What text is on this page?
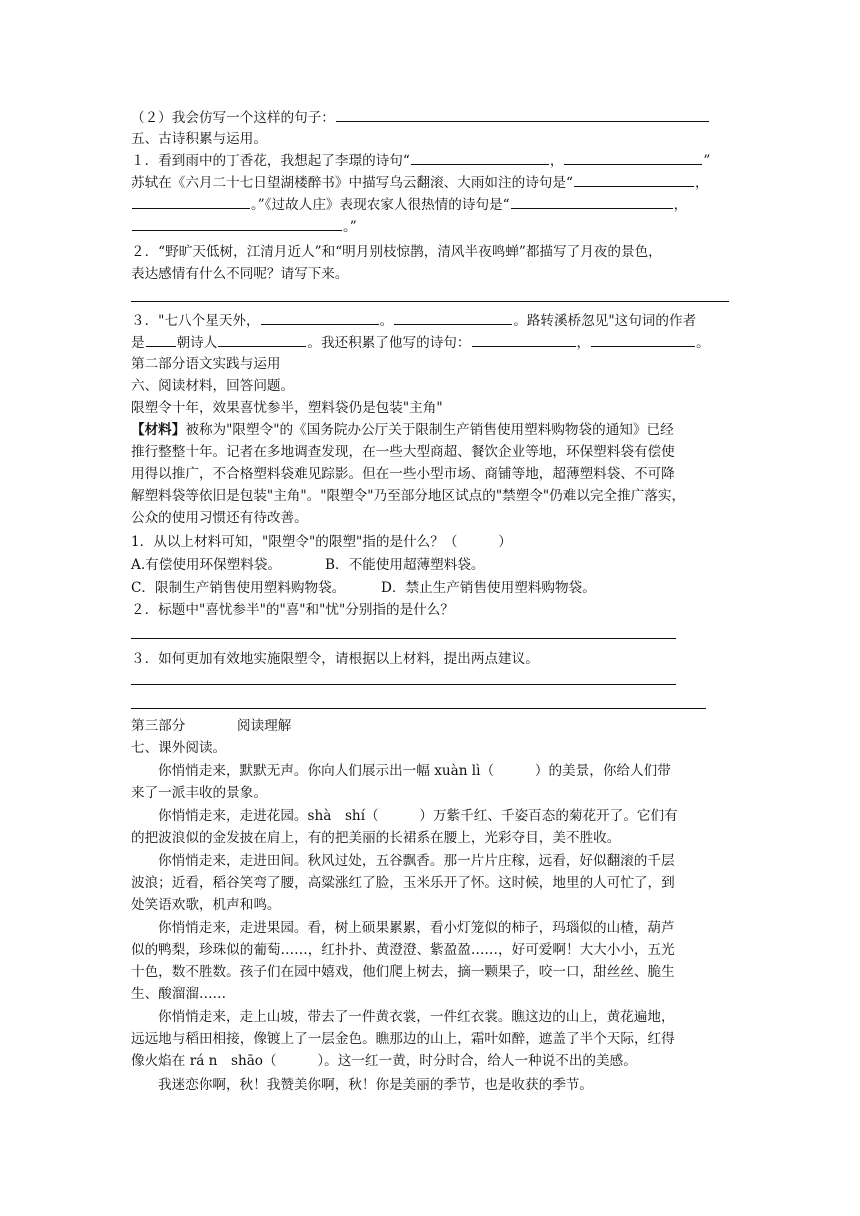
（２）我会仿写一个这样的句子：
五、古诗积累与运用。
１．看到雨中的丁香花，我想起了李璟的诗句“	，	”
苏轼在《六月二十七日望湖楼醉书》中描写乌云翻滚、大雨如注的诗句是“	，
。”《过故人庄》表现农家人很热情的诗句是“	，
。”
２．“野旷天低树，江清月近人”和“明月别枝惊鹊，清风半夜鸣蝉”都描写了月夜的景色，
表达感情有什么不同呢？请写下来。
３．"七八个星天外，	。	。路转溪桥忽见"这句词的作者
是 朝诗人	。我还积累了他写的诗句：	，	。
第二部分语文实践与运用
六、阅读材料，回答问题。
限塑令十年，效果喜忧参半，塑料袋仍是包装"主角"
【材料】被称为"限塑令"的《国务院办公厅关于限制生产销售使用塑料购物袋的通知》已经
推行整整十年。记者在多地调查发现，在一些大型商超、餐饮企业等地，环保塑料袋有偿使
用得以推广，不合格塑料袋难见踪影。但在一些小型市场、商铺等地，超薄塑料袋、不可降
解塑料袋等依旧是包装"主角"。"限塑令"乃至部分地区试点的"禁塑令"仍难以完全推广落实，
公众的使用习惯还有待改善。
1．从以上材料可知，"限塑令"的限塑"指的是什么？（　　　）
A.有偿使用环保塑料袋。	B．不能使用超薄塑料袋。
C．限制生产销售使用塑料购物袋。	D．禁止生产销售使用塑料购物袋。
２．标题中"喜忧参半"的"喜"和"忧"分别指的是什么？
３．如何更加有效地实施限塑令，请根据以上材料，提出两点建议。
第三部分	阅读理解
七、课外阅读。
你悄悄走来，默默无声。你向人们展示出一幅 xuàn lì（　　　）的美景，你给人们带
来了一派丰收的景象。
你悄悄走来，走进花园。shà　shí（　　　）万紫千红、千姿百态的菊花开了。它们有
的把波浪似的金发披在肩上，有的把美丽的长裙系在腰上，光彩夺目，美不胜收。
你悄悄走来，走进田间。秋风过处，五谷飘香。那一片片庄稼，远看，好似翻滚的千层
波浪；近看，稻谷笑弯了腰，高粱涨红了脸，玉米乐开了怀。这时候，地里的人可忙了，到
处笑语欢歌，机声和鸣。
你悄悄走来，走进果园。看，树上硕果累累，看小灯笼似的柿子，玛瑙似的山楂，葫芦
似的鸭梨，珍珠似的葡萄……，红扑扑、黄澄澄、紫盈盈……，好可爱啊！大大小小，五光
十色，数不胜数。孩子们在园中嬉戏，他们爬上树去，摘一颗果子，咬一口，甜丝丝、脆生
生、酸溜溜……
你悄悄走来，走上山坡，带去了一件黄衣裳，一件红衣裳。瞧这边的山上，黄花遍地，
远远地与稻田相接，像镀上了一层金色。瞧那边的山上，霜叶如醉，遮盖了半个天际，红得
像火焰在 rá n　shāo（　　　）。这一红一黄，时分时合，给人一种说不出的美感。
我迷恋你啊，秋！我赞美你啊，秋！你是美丽的季节，也是收获的季节。
